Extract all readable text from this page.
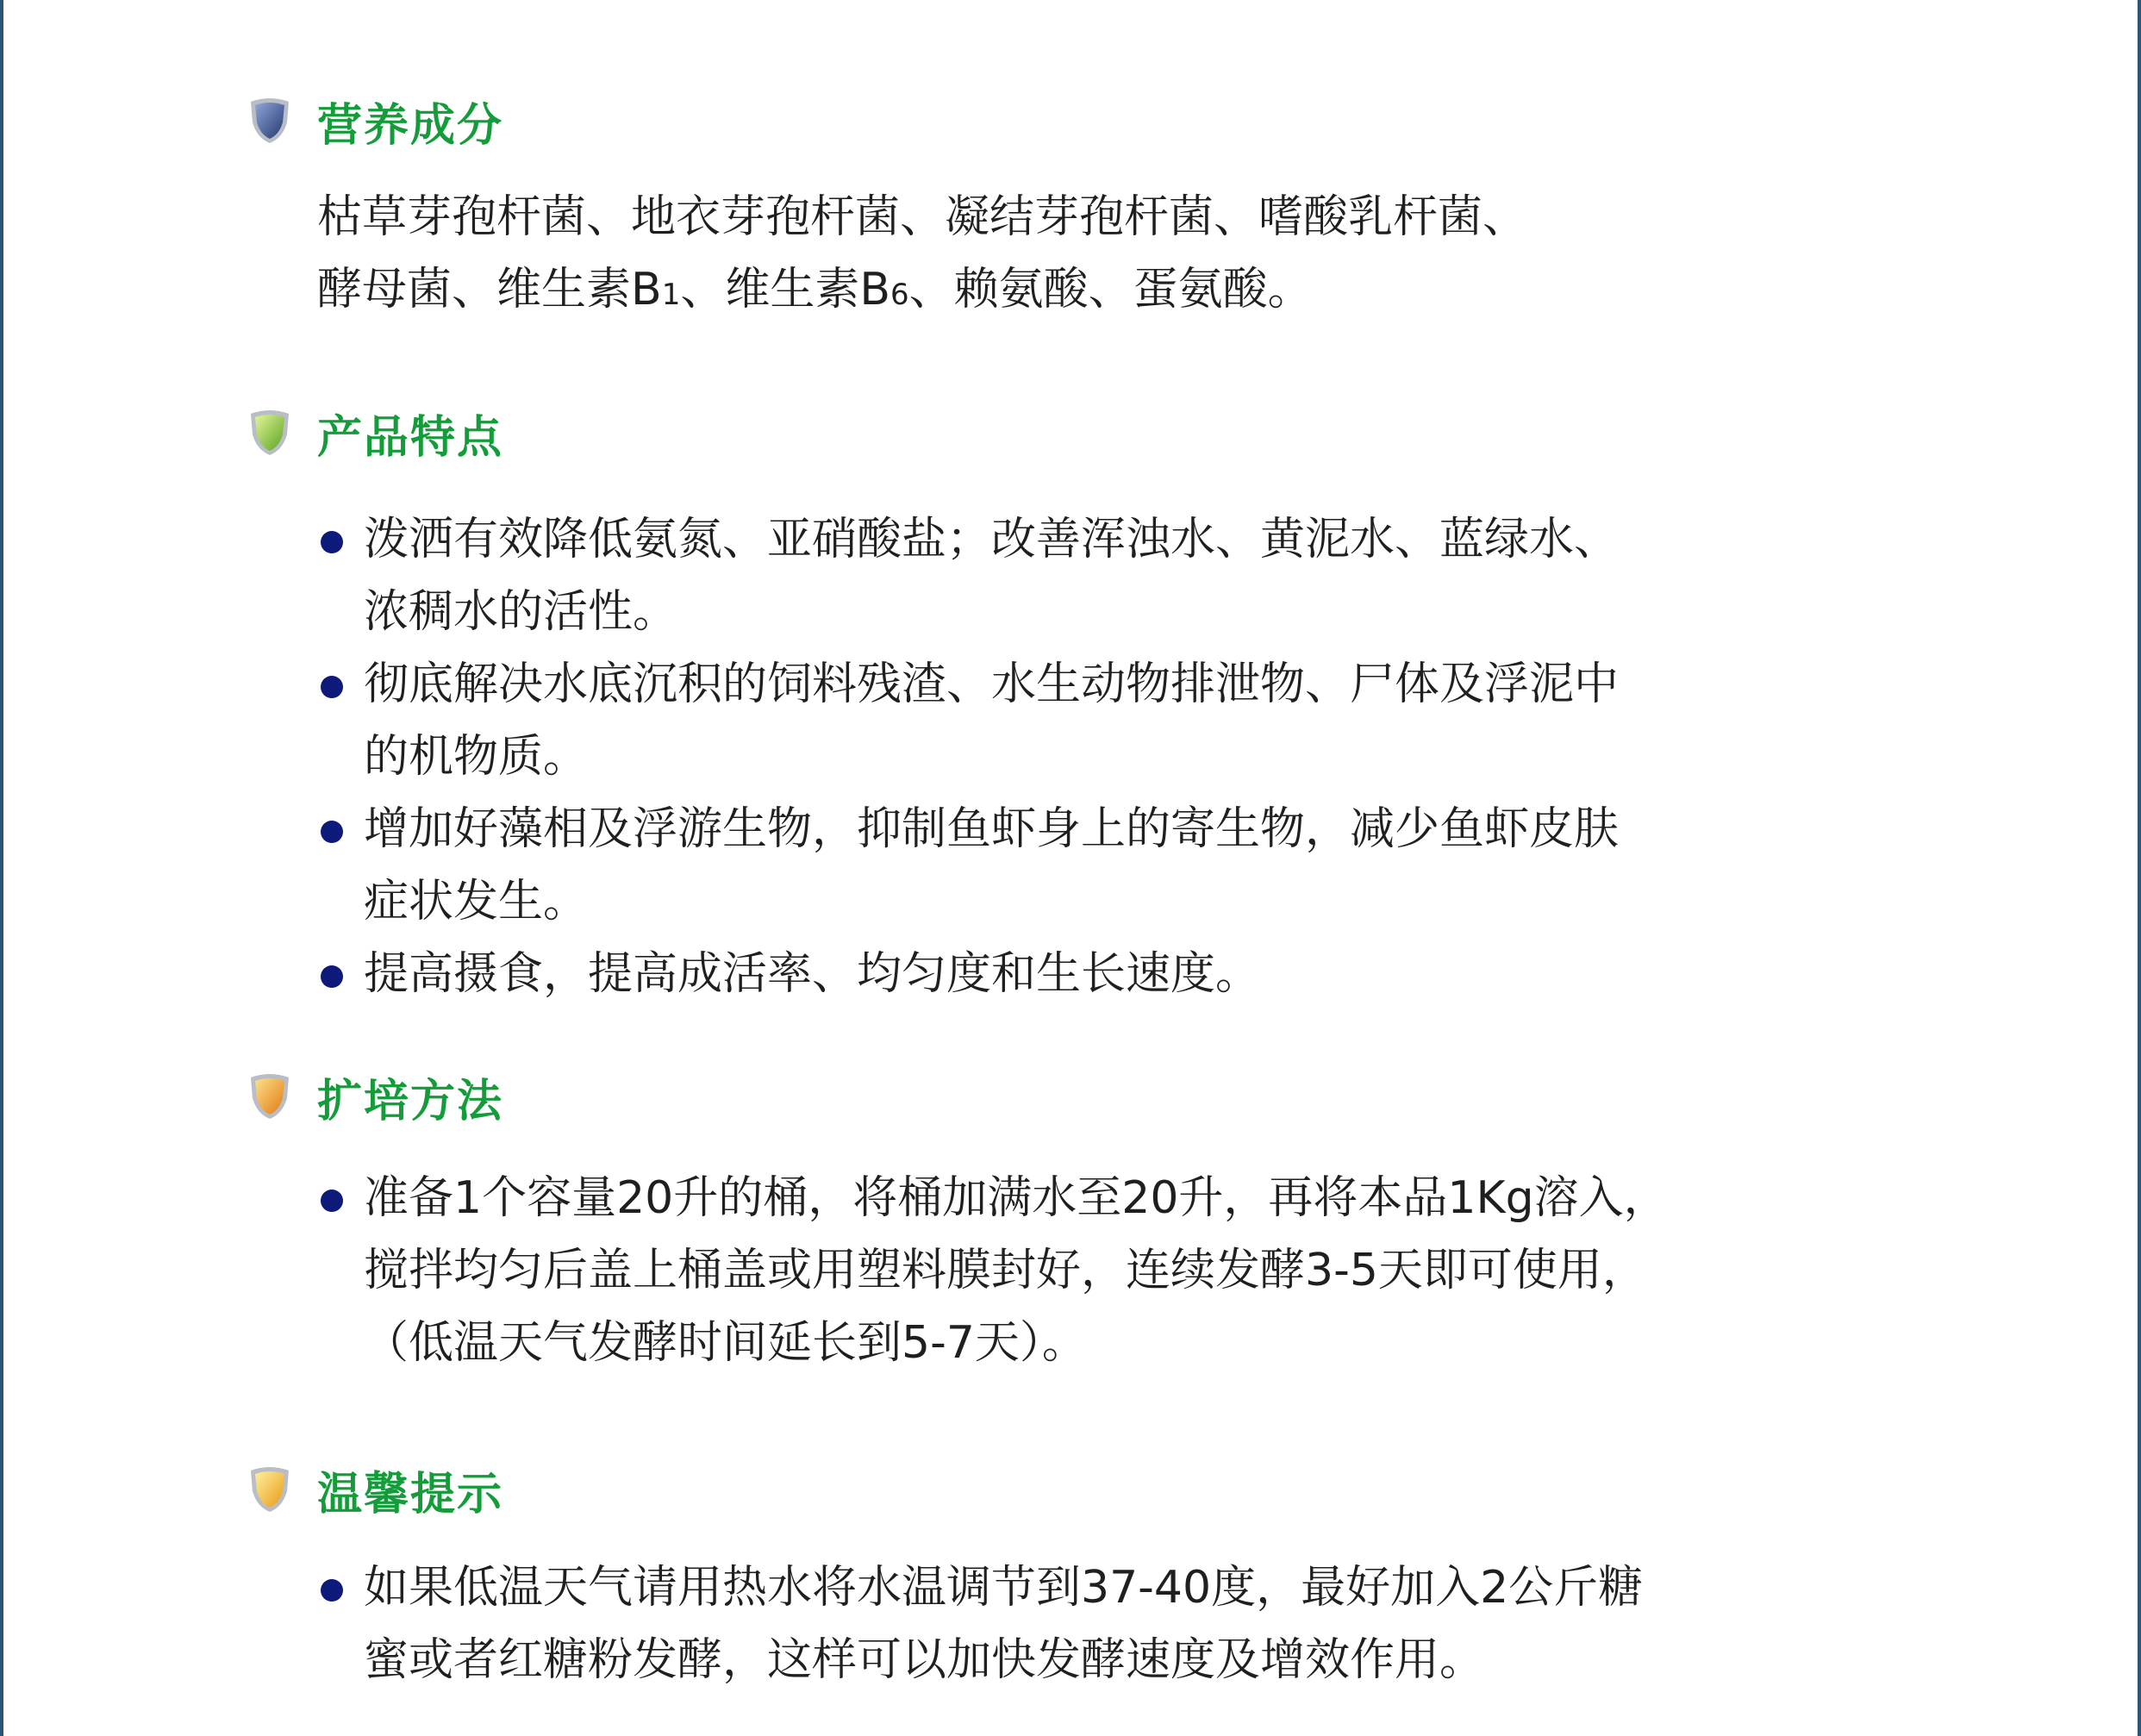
营养成分
枯草芽孢杆菌、地衣芽孢杆菌、凝结芽孢杆菌、嗜酸乳杆菌、
酵母菌、维生素B1、维生素B6、赖氨酸、蛋氨酸。
产品特点
泼洒有效降低氨氮、亚硝酸盐；改善浑浊水、黄泥水、蓝绿水、
浓稠水的活性。
彻底解决水底沉积的饲料残渣、水生动物排泄物、尸体及浮泥中
的机物质。
增加好藻相及浮游生物，抑制鱼虾身上的寄生物，减少鱼虾皮肤
症状发生。
提高摄食，提高成活率、均匀度和生长速度。
扩培方法
准备1个容量20升的桶，将桶加满水至20升，再将本品1Kg溶入，
搅拌均匀后盖上桶盖或用塑料膜封好，连续发酵3-5天即可使用，
（低温天气发酵时间延长到5-7天）。
温馨提示
如果低温天气请用热水将水温调节到37-40度，最好加入2公斤糖
蜜或者红糖粉发酵，这样可以加快发酵速度及增效作用。
